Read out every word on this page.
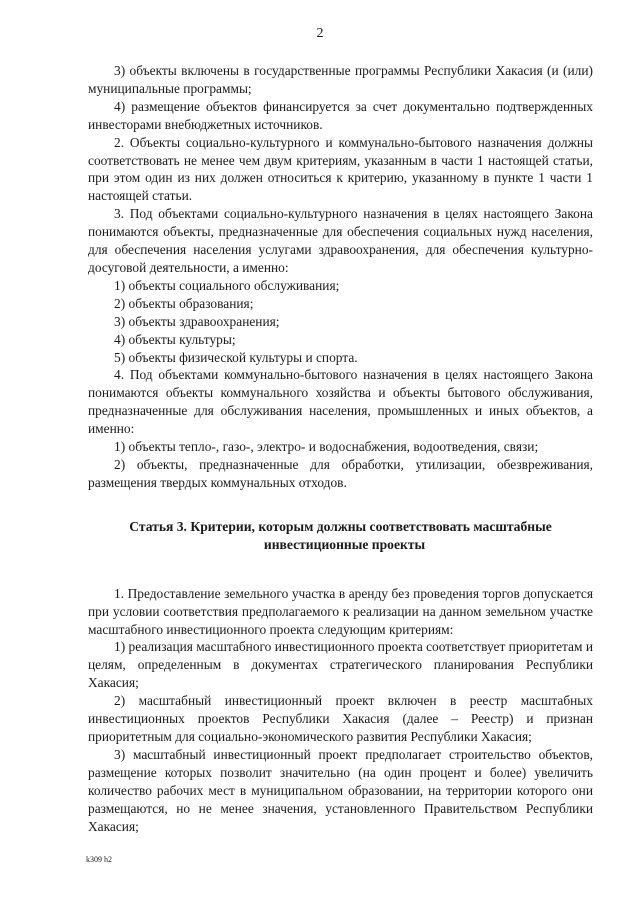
2

3) объекты включены в государственные программы Республики Хакасия (и (или) муниципальные программы;

4) размещение объектов финансируется за счет документально подтвержденных инвесторами внебюджетных источников.

2. Объекты социально-культурного и коммунально-бытового назначения должны соответствовать не менее чем двум критериям, указанным в части 1 настоящей статьи, при этом один из них должен относиться к критерию, указанному в пункте 1 части 1 настоящей статьи.

3. Под объектами социально-культурного назначения в целях настоящего Закона понимаются объекты, предназначенные для обеспечения социальных нужд населения, для обеспечения населения услугами здравоохранения, для обеспечения культурно-досуговой деятельности, а именно:

1) объекты социального обслуживания;

2) объекты образования;

3) объекты здравоохранения;

4) объекты культуры;

5) объекты физической культуры и спорта.

4. Под объектами коммунально-бытового назначения в целях настоящего Закона понимаются объекты коммунального хозяйства и объекты бытового обслуживания, предназначенные для обслуживания населения, промышленных и иных объектов, а именно:

1) объекты тепло-, газо-, электро- и водоснабжения, водоотведения, связи;

2) объекты, предназначенные для обработки, утилизации, обезвреживания, размещения твердых коммунальных отходов.

Статья 3. Критерии, которым должны соответствовать масштабные
инвестиционные проекты

1. Предоставление земельного участка в аренду без проведения торгов допускается при условии соответствия предполагаемого к реализации на данном земельном участке масштабного инвестиционного проекта следующим критериям:

1) реализация масштабного инвестиционного проекта соответствует приоритетам и целям, определенным в документах стратегического планирования Республики Хакасия;

2) масштабный инвестиционный проект включен в реестр масштабных инвестиционных проектов Республики Хакасия (далее – Реестр) и признан приоритетным для социально-экономического развития Республики Хакасия;

3) масштабный инвестиционный проект предполагает строительство объектов, размещение которых позволит значительно (на один процент и более) увеличить количество рабочих мест в муниципальном образовании, на территории которого они размещаются, но не менее значения, установленного Правительством Республики Хакасия;

k309 h2
